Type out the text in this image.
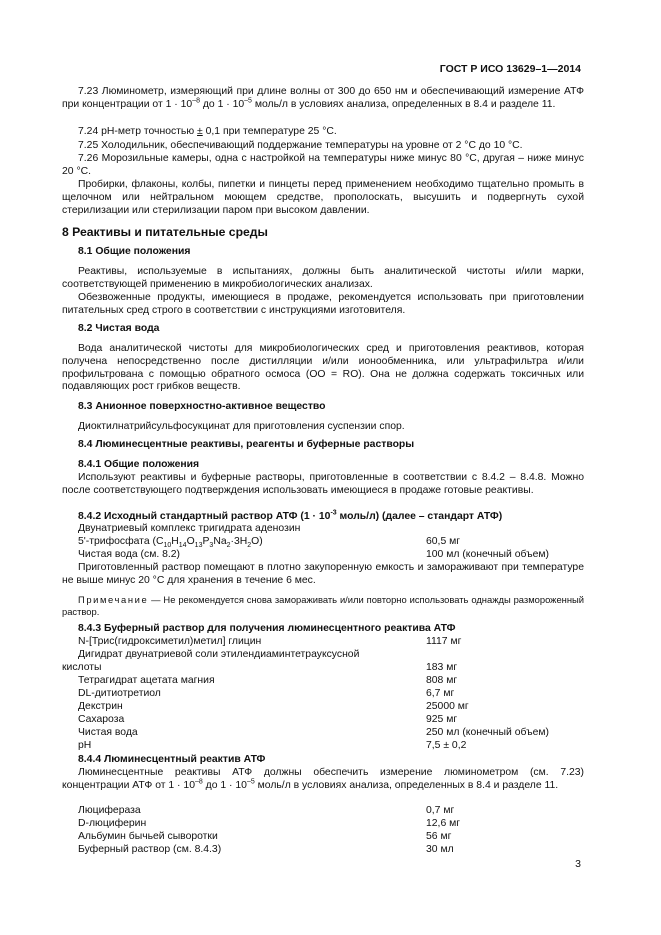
ГОСТ Р ИСО 13629–1—2014

7.23 Люминометр, измеряющий при длине волны от 300 до 650 нм и обеспечивающий измерение АТФ при концентрации от $1 \cdot 10^{-8}$ до $1 \cdot 10^{-5}$ моль/л в условиях анализа, определенных в 8.4 и разделе 11.

7.24 pH-метр точностью ± 0,1 при температуре 25 °С.

7.25 Холодильник, обеспечивающий поддержание температуры на уровне от 2 °С до 10 °С.

7.26 Морозильные камеры, одна с настройкой на температуры ниже минус 80 °С, другая – ниже минус 20 °С.

Пробирки, флаконы, колбы, пипетки и пинцеты перед применением необходимо тщательно промыть в щелочном или нейтральном моющем средстве, прополоскать, высушить и подвергнуть сухой стерилизации или стерилизации паром при высоком давлении.

8 Реактивы и питательные среды
8.1 Общие положения

Реактивы, используемые в испытаниях, должны быть аналитической чистоты и/или марки, соответствующей применению в микробиологических анализах.

Обезвоженные продукты, имеющиеся в продаже, рекомендуется использовать при приготовлении питательных сред строго в соответствии с инструкциями изготовителя.

8.2 Чистая вода

Вода аналитической чистоты для микробиологических сред и приготовления реактивов, которая получена непосредственно после дистилляции и/или ионообменника, или ультрафильтра и/или профильтрована с помощью обратного осмоса (ОО = RO). Она не должна содержать токсичных или подавляющих рост грибков веществ.

8.3 Анионное поверхностно-активное вещество

Диоктилнатрийсульфосукцинат для приготовления суспензии спор.

8.4 Люминесцентные реактивы, реагенты и буферные растворы
8.4.1 Общие положения

Используют реактивы и буферные растворы, приготовленные в соответствии с 8.4.2 – 8.4.8. Можно после соответствующего подтверждения использовать имеющиеся в продаже готовые реактивы.

8.4.2 Исходный стандартный раствор АТФ ($1 \cdot 10^{-3}$ моль/л) (далее – стандарт АТФ)
Двунатриевый комплекс тригидрата аденозин
5'-трифосфата $(C_{10}H_{14}O_{13}P_3Na_2\cdot 3H_2O)$	60,5 мг
Чистая вода (см. 8.2)	100 мл (конечный объем)

Приготовленный раствор помещают в плотно закупоренную емкость и замораживают при температуре не выше минус 20 °С для хранения в течение 6 мес.

Примечание — Не рекомендуется снова замораживать и/или повторно использовать однажды размороженный раствор.
8.4.3 Буферный раствор для получения люминесцентного реактива АТФ
N-[Трис(гидроксиметил)метил] глицин	1117 мг
Дигидрат двунатриевой соли этилендиаминтетрауксусной
кислоты	183 мг
Тетрагидрат ацетата магния	808 мг
DL-дитиотретиол	6,7 мг
Декстрин	25000 мг
Сахароза	925 мг
Чистая вода	250 мл (конечный объем)
pH	7,5 ± 0,2
8.4.4 Люминесцентный реактив АТФ

Люминесцентные реактивы АТФ должны обеспечить измерение люминометром (см. 7.23) концентрации АТФ от $1 \cdot 10^{-8}$ до $1 \cdot 10^{-5}$ моль/л в условиях анализа, определенных в 8.4 и разделе 11.

Люциферазa	0,7 мг
D-люциферин	12,6 мг
Альбумин бычьей сыворотки	56 мг
Буферный раствор (см. 8.4.3)	30 мл
3
